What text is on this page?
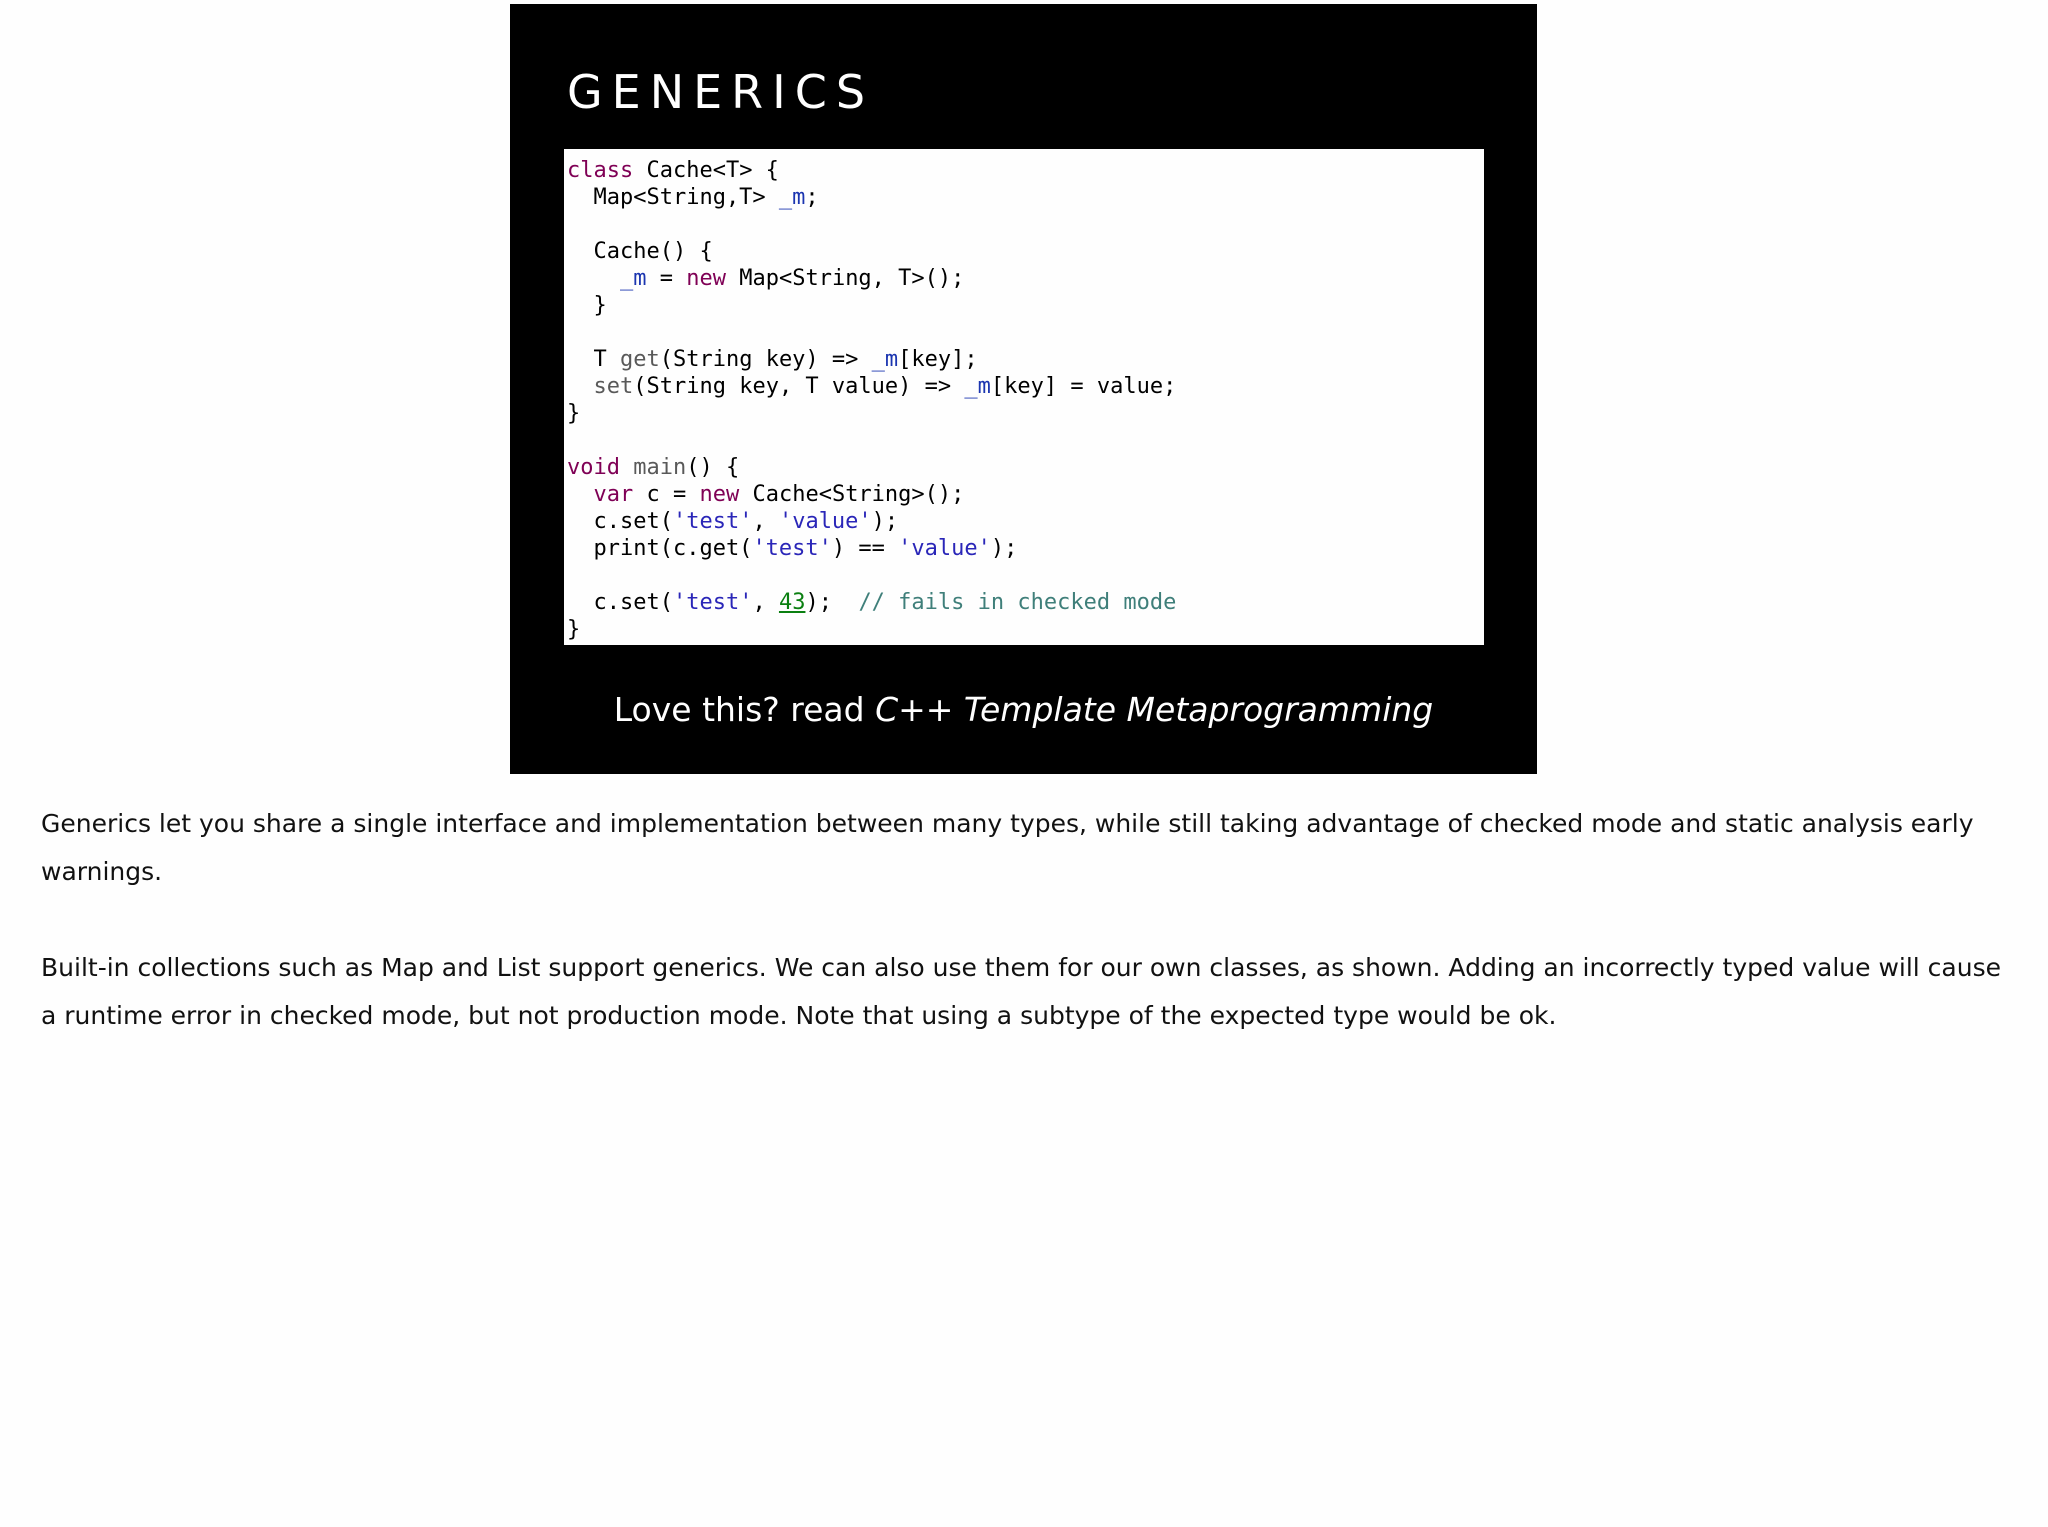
GENERICS
class Cache<T> {
Map<String,T> _m;
Cache() {
_m = new Map<String, T>();
}
T get(String key) => _m[key];
set(String key, T value) => _m[key] = value;
}
void main() {
var c = new Cache<String>();
c.set('test', 'value');
print(c.get('test') == 'value');
c.set('test', 43);  // fails in checked mode
}
Love this? read C++ Template Metaprogramming

Generics let you share a single interface and implementation between many types, while still taking advantage of checked mode and static analysis early warnings.

Built-in collections such as Map and List support generics. We can also use them for our own classes, as shown. Adding an incorrectly typed value will cause a runtime error in checked mode, but not production mode. Note that using a subtype of the expected type would be ok.
